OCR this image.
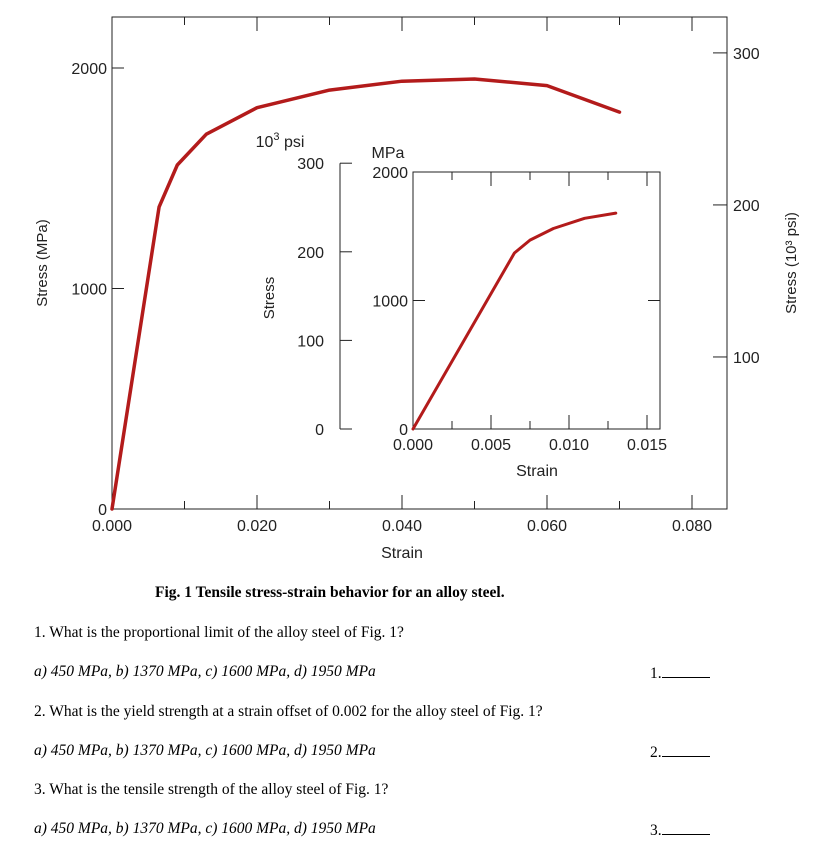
0.000	0.020	0.040	0.060	0.080
0
1000
2000
100
200
300
Strain
Stress (MPa)	Stress (10³ psi)
0.000 0.005 0.010 0.015
0
1000
2000
0
100
200
300
$10^3$ psi
MPa
Strain
Stress
Fig. 1 Tensile stress-strain behavior for an alloy steel.
1. What is the proportional limit of the alloy steel of Fig. 1?
a) 450 MPa, b) 1370 MPa, c) 1600 MPa, d) 1950 MPa	1.
2. What is the yield strength at a strain offset of 0.002 for the alloy steel of Fig. 1?
a) 450 MPa, b) 1370 MPa, c) 1600 MPa, d) 1950 MPa	2.
3. What is the tensile strength of the alloy steel of Fig. 1?
a) 450 MPa, b) 1370 MPa, c) 1600 MPa, d) 1950 MPa	3.
